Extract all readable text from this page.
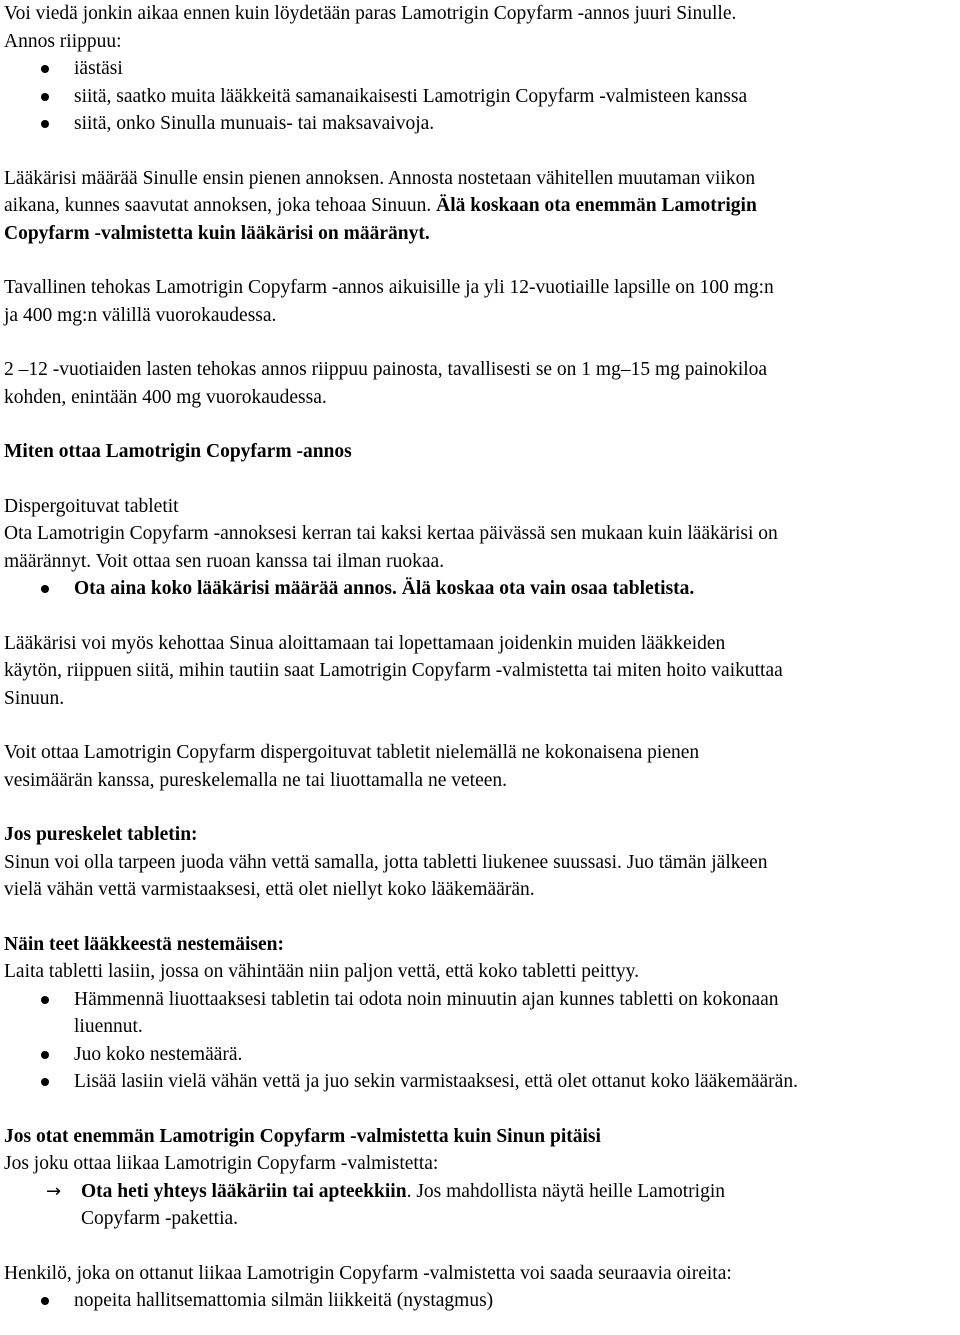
Voi viedä jonkin aikaa ennen kuin löydetään paras Lamotrigin Copyfarm -annos juuri Sinulle.

Annos riippuu:

iästäsi

siitä, saatko muita lääkkeitä samanaikaisesti Lamotrigin Copyfarm -valmisteen kanssa

siitä, onko Sinulla munuais- tai maksavaivoja.

Lääkärisi määrää Sinulle ensin pienen annoksen. Annosta nostetaan vähitellen muutaman viikon

aikana, kunnes saavutat annoksen, joka tehoaa Sinuun. Älä koskaan ota enemmän Lamotrigin

Copyfarm -valmistetta kuin lääkärisi on määränyt.

Tavallinen tehokas Lamotrigin Copyfarm -annos aikuisille ja yli 12-vuotiaille lapsille on 100 mg:n

ja 400 mg:n välillä vuorokaudessa.

2 –12 -vuotiaiden lasten tehokas annos riippuu painosta, tavallisesti se on 1 mg–15 mg painokiloa

kohden, enintään 400 mg vuorokaudessa.

Miten ottaa Lamotrigin Copyfarm -annos

Dispergoituvat tabletit

Ota Lamotrigin Copyfarm -annoksesi kerran tai kaksi kertaa päivässä sen mukaan kuin lääkärisi on

määrännyt. Voit ottaa sen ruoan kanssa tai ilman ruokaa.

Ota aina koko lääkärisi määrää annos. Älä koskaa ota vain osaa tabletista.

Lääkärisi voi myös kehottaa Sinua aloittamaan tai lopettamaan joidenkin muiden lääkkeiden

käytön, riippuen siitä, mihin tautiin saat Lamotrigin Copyfarm -valmistetta tai miten hoito vaikuttaa

Sinuun.

Voit ottaa Lamotrigin Copyfarm dispergoituvat tabletit nielemällä ne kokonaisena pienen

vesimäärän kanssa, pureskelemalla ne tai liuottamalla ne veteen.

Jos pureskelet tabletin:

Sinun voi olla tarpeen juoda vähn vettä samalla, jotta tabletti liukenee suussasi. Juo tämän jälkeen

vielä vähän vettä varmistaaksesi, että olet niellyt koko lääkemäärän.

Näin teet lääkkeestä nestemäisen:

Laita tabletti lasiin, jossa on vähintään niin paljon vettä, että koko tabletti peittyy.

Hämmennä liuottaaksesi tabletin tai odota noin minuutin ajan kunnes tabletti on kokonaan

liuennut.

Juo koko nestemäärä.

Lisää lasiin vielä vähän vettä ja juo sekin varmistaaksesi, että olet ottanut koko lääkemäärän.

Jos otat enemmän Lamotrigin Copyfarm -valmistetta kuin Sinun pitäisi

Jos joku ottaa liikaa Lamotrigin Copyfarm -valmistetta:

→ Ota heti yhteys lääkäriin tai apteekkiin. Jos mahdollista näytä heille Lamotrigin

Copyfarm -pakettia.

Henkilö, joka on ottanut liikaa Lamotrigin Copyfarm -valmistetta voi saada seuraavia oireita:

nopeita hallitsemattomia silmän liikkeitä (nystagmus)
